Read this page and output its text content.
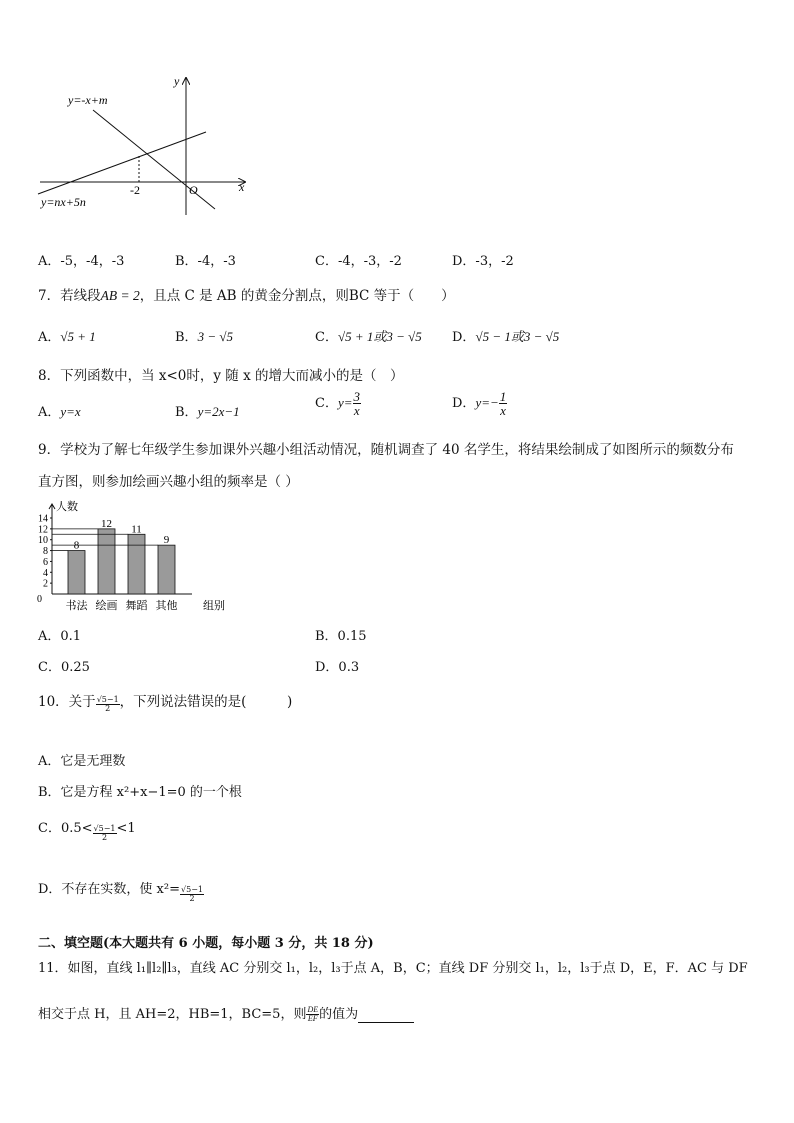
y=-x+m
y=nx+5n
x
y
O
-2
A．-5，-4，-3	B．-4，-3	C．-4，-3，-2	D．-3，-2
7．若线段AB = 2，且点 C 是 AB 的黄金分割点，则BC 等于（　　）
A．√5 + 1	B．3 − √5	C．√5 + 1或3 − √5 D．√5 − 1或3 − √5
8．下列函数中，当 x<0时，y 随 x 的增大而减小的是（　）
A．y=x	B．y=2x−1
C．$y= \frac{3}{x}$	D．$y=- \frac{1}{x}$
9．学校为了解七年级学生参加课外兴趣小组活动情况，随机调查了 40 名学生，将结果绘制成了如图所示的频数分布
直方图，则参加绘画兴趣小组的频率是（ ）
人数
0
2
4
6
8
10
12
14
8
书法
12
绘画
11
舞蹈
9
其他 组别
A．0.1	B．0.15
C．0.25	D．0.3
10．关于 $\frac{√5-1}{2}$ ，下列说法错误的是(　　　)
A．它是无理数
B．它是方程 x²+x−1=0 的一个根
C．$0.5< \frac{√5-1}{2} <1$
D．不存在实数，使 $x^2= \frac{√5-1}{2}$
二、填空题(本大题共有 6 小题，每小题 3 分，共 18 分)
11．如图，直线 l₁∥l₂∥l₃，直线 AC 分别交 l₁，l₂，l₃于点 A，B，C；直线 DF 分别交 l₁，l₂，l₃于点 D，E，F．AC 与 DF
相交于点 H，且 AH=2，HB=1，BC=5，则 $\frac{DE}{EF}$ 的值为
